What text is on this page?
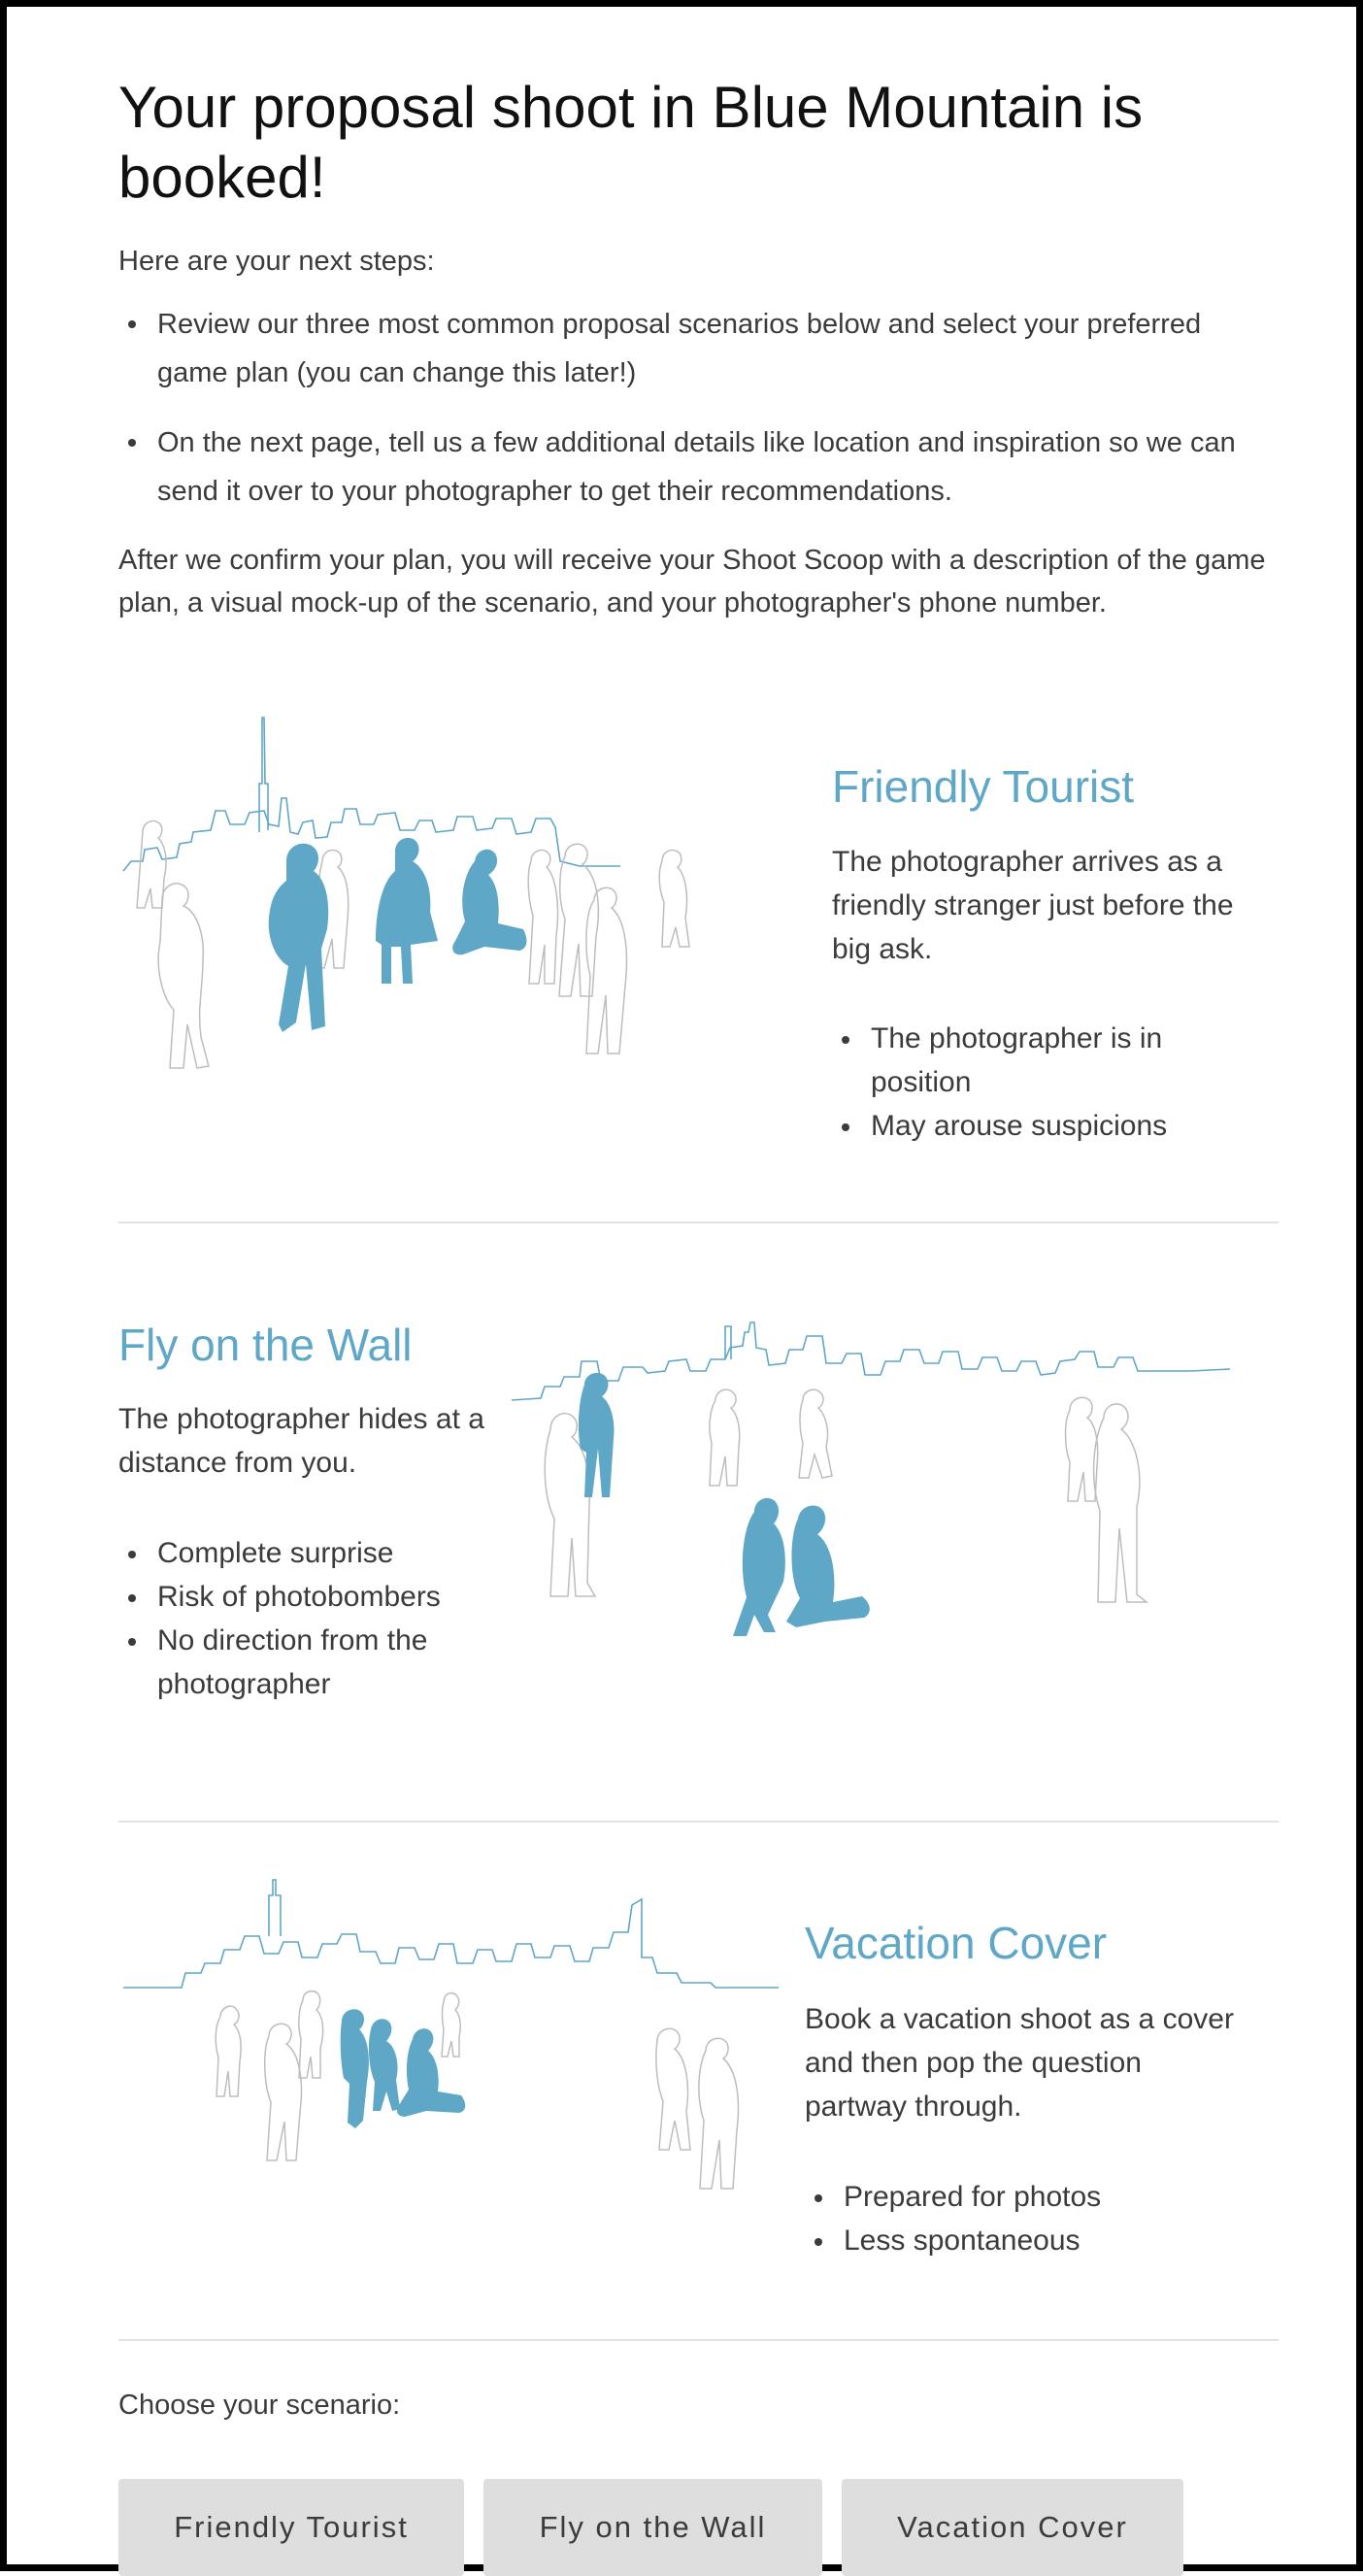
Your proposal shoot in Blue Mountain is booked!

Here are your next steps:

Review our three most common proposal scenarios below and select your preferred game plan (you can change this later!)
On the next page, tell us a few additional details like location and inspiration so we can send it over to your photographer to get their recommendations.

After we confirm your plan, you will receive your Shoot Scoop with a description of the game plan, a visual mock-up of the scenario, and your photographer's phone number.

Friendly Tourist

The photographer arrives as a friendly stranger just before the big ask.

The photographer is in position
May arouse suspicions
Fly on the Wall

The photographer hides at a distance from you.

Complete surprise
Risk of photobombers
No direction from the photographer
Vacation Cover

Book a vacation shoot as a cover and then pop the question partway through.

Prepared for photos
Less spontaneous

Choose your scenario:

Friendly Tourist	Fly on the Wall	Vacation Cover
